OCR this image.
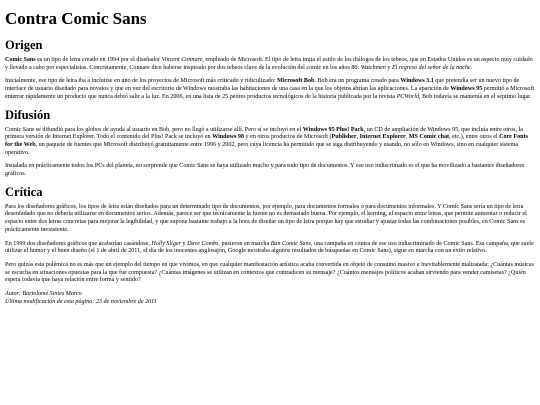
Contra Comic Sans
Origen

Comic Sans es un tipo de letra creado en 1994 por el diseñador Vincent Connare, empleado de Microsoft. El tipo de letra imita el estilo de los diálogos de los tebeos, que en Estados Unidos es un aspecto muy cuidado y llevado a cabo por especialistas. Concretamente, Connare dice haberse inspirado por dos tebeos clave de la evolución del comic en los años 80: Watchmen y El regreso del señor de la noche.

Inicialmente, ese tipo de letra iba a incluirse en uno de los proyectos de Microsoft más criticado y ridiculizado: Microsoft Bob. Bob era un programa creado para Windows 3.1 que pretendía ser un nuevo tipo de interface de usuario diseñado para novatos y que en vez del escritorio de Windows mostraba las habitaciones de una casa en la que los objetos abrían las aplicaciones. La aparición de Windows 95 permitió a Microsoft enterrar rápidamente un producto que nunca debió salir a la luz. En 2006, en una lista de 25 peores productos tecnológicos de la historia publicada por la revista PCWorld, Bob todavía se mantenía en el séptimo lugar.

Difusión

Comic Sans se difundió para los globos de ayuda al usuario en Bob, pero no llegó a utilizarse allí. Pero sí se incluyó en el Windows 95 Plus! Pack, un CD de ampliación de Windows 95, que incluía entre otros, la primera versión de Internet Explorer. Todo el contenido del Plus! Pack se incluyó en Windows 98 y en otros productos de Microsoft (Publisher, Internet Explorer, MS Comic chat, etc.), entre otros el Core Fonts for the Web, un paquete de fuentes que Microsoft distribuyó gratuitamente entre 1996 y 2002, pero cuya licencia ha permitido que se siga distribuyendo y usando, no sólo en Windows, sino en cualquier sistema operativo.

Instalada en prácticamente todos los PCs del planeta, no sorprende que Comic Sans se haya utilizado mucho y para todo tipo de documentos. Y ese uso indiscrimado es el que ha movilizado a bastantes diseñadores gráficos.

Crítica

Para los diseñadores gráficos, los tipos de letra están diseñados para un determinado tipo de documentos, por ejemplo, para documentos formales o para documentos informales. Y Comic Sans sería un tipo de letra desenfadado que no debería utilizarse en documentos serios. Además, parece ser que técnicamente la fuente no es demasiado buena. Por ejemplo, el kerning, el espacio entre letras, que permite aumentar o reducir el espacio entre dos letras concretas para mejorar la legibilidad, y que supone bastante trabajo a la hora de diseñar un tipo de letra porque hay que estudiar y ajustar todas las combinaciones posibles, en Comic Sans es prácticamente inexistente.

En 1999 dos diseñadores gráficos que acabarían casándose, Holly Sliger y Dave Combs, pusieron en marcha Ban Comic Sans, una campaña en contra de ese uso indiscriminado de Comic Sans. Esa campaña, que suele utilizar el humor y el buen diseño (el 1 de abril de 2011, el día de los inocentes anglosajón, Google mostraba algunos resultados de búsquedas en Comic Sans), sigue en marcha con un éxito relativo.

Pero quizás esta polémica no es más que un ejemplo del tiempo en que vivimos, en que cualquier manifestación artística acaba convertida en objeto de consumo masivo e inevitablemente maltratada: ¿Cuántas músicas se escucha en situaciones opuestas para la que fue compuesta? ¿Cuántas imágenes se utilizan en contextos que contradicen su mensaje? ¿Cuántos mensajes políticos acaban sirviendo para vender camisetas? ¿Quién espera todavía que haya relación entre forma y sentido?

Autor: Bartolomé Sintes Marco

Última modificación de esta página: 23 de noviembre de 2011
